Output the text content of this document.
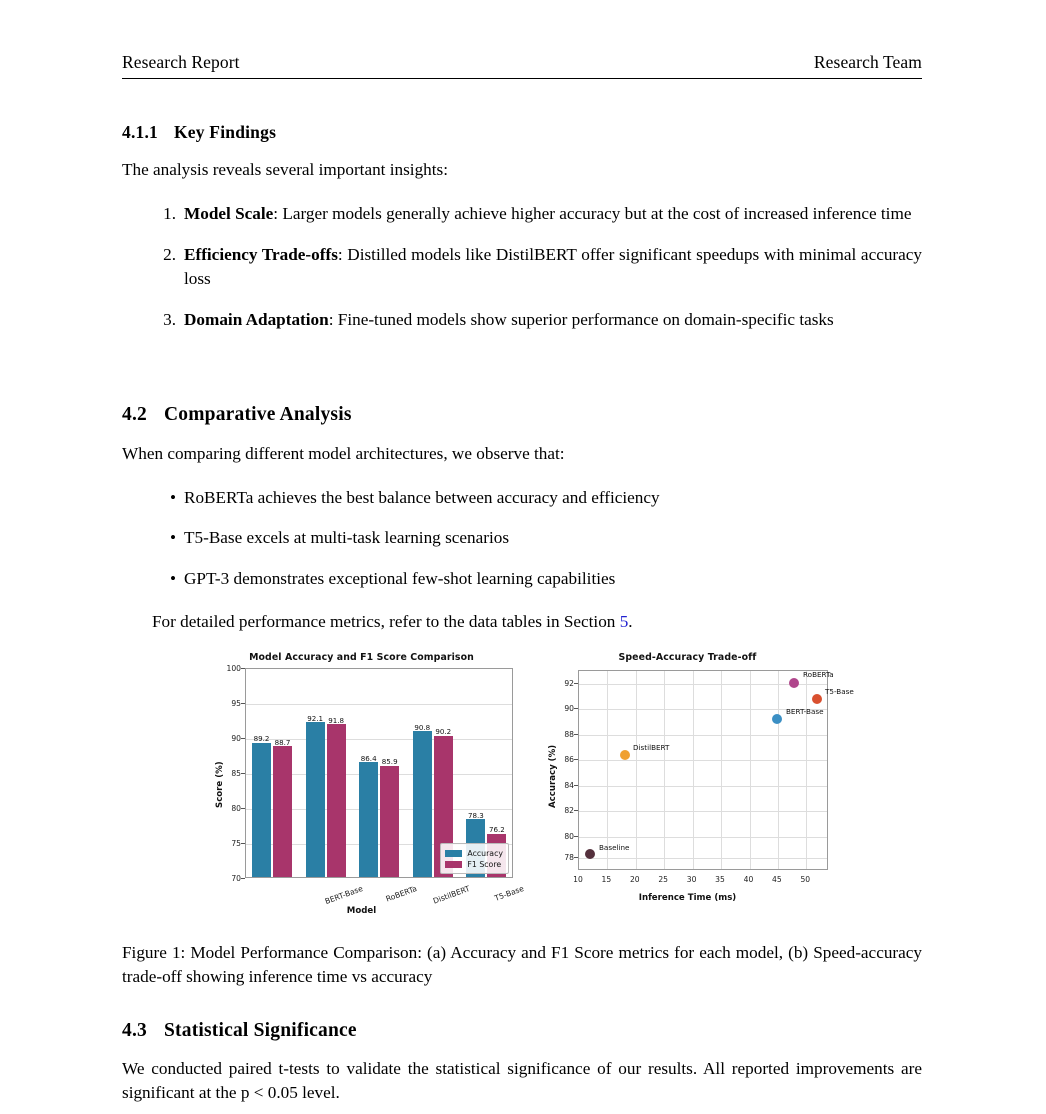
Research Report	Research Team
4.1.1 Key Findings
The analysis reveals several important insights:
1. Model Scale: Larger models generally achieve higher accuracy but at the cost of increased inference time
2. Efficiency Trade-offs: Distilled models like DistilBERT offer significant speedups with minimal accuracy loss
3. Domain Adaptation: Fine-tuned models show superior performance on domain-specific tasks
4.2 Comparative Analysis
When comparing different model architectures, we observe that:
• RoBERTa achieves the best balance between accuracy and efficiency
• T5-Base excels at multi-task learning scenarios
• GPT-3 demonstrates exceptional few-shot learning capabilities
For detailed performance metrics, refer to the data tables in Section 5.
Model Accuracy and F1 Score Comparison
89.2 88.7
92.1 91.8
86.4 85.9
90.8 90.2
78.3
76.2
Accuracy
F1 Score
100
95
90
85
80
75
70
BERT-Base	RoBERTa	DistilBERT	T5-Base
Model
Score (%)
Speed-Accuracy Trade-off
Baseline
DistilBERT
BERT-Base
RoBERTa
T5-Base
92
90
88
86
84
82
80
78
10	15	20	25	30	35	40	45	50
Inference Time (ms)
Accuracy (%)
Figure 1: Model Performance Comparison: (a) Accuracy and F1 Score metrics for each model, (b) Speed-accuracy trade-off showing inference time vs accuracy
4.3 Statistical Significance
We conducted paired t-tests to validate the statistical significance of our results. All reported improvements are significant at the p < 0.05 level.
